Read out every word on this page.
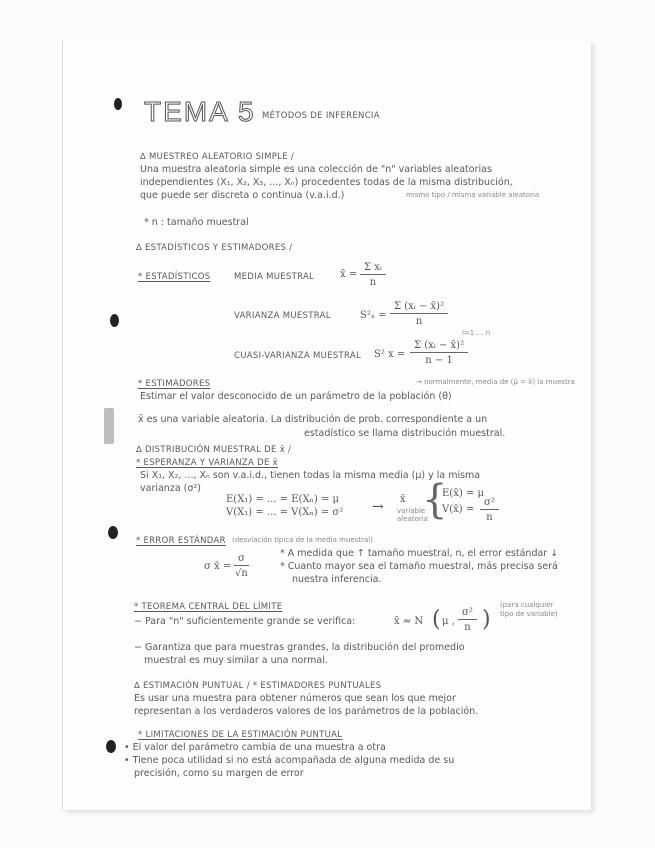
TEMA 5 MÉTODOS DE INFERENCIA
∆ MUESTREO ALEATORIO SIMPLE /
Una muestra aleatoria simple es una colección de "n" variables aleatorias
independientes (X₁, X₂, X₃, ..., Xₙ) procedentes todas de la misma distribución,
que puede ser discreta o continua (v.a.i.d.)	mismo tipo / misma variable aleatoria
* n : tamaño muestral
∆ ESTADÍSTICOS Y ESTIMADORES /
* ESTADÍSTICOS	MEDIA MUESTRAL	x̄ = $\frac{\text{Σ xᵢ}}{n}$
VARIANZA MUESTRAL	$S^2_x = \frac{\text{Σ (xᵢ − x̄)²}}{n}$
CUASI-VARIANZA MUESTRAL S² $x = \frac{\text{Σ (xᵢ − x̄)²}}{n - 1}$
i=1 … n
* ESTIMADORES
Estimar el valor desconocido de un parámetro de la población (θ)
→ normalmente, media de (μ̂ = x̄) la muestra
x̄ es una variable aleatoria. La distribución de prob. correspondiente a un
estadístico se llama distribución muestral.
∆ DISTRIBUCIÓN MUESTRAL DE x̄ /
* ESPERANZA Y VARIANZA DE x̄
Si X₁, X₂, ..., Xₙ son v.a.i.d., tienen todas la misma media (μ) y la misma
varianza (σ²)
E(X₁) = ... = E(Xₙ) = μ
V(X₁) = ... = V(Xₙ) = σ² → x̄
variable
aleatoria
{
E(x̄) = μ
V(x̄) = $\frac{\text{σ²}}{n}$
* ERROR ESTÁNDAR (desviación típica de la media muestral)
σ x̄ = $\frac{\sigma}{√n}$	* A medida que ↑ tamaño muestral, n, el error estándar ↓
* Cuanto mayor sea el tamaño muestral, más precisa será
nuestra inferencia.
* TEOREMA CENTRAL DEL LÍMITE
− Para "n" suficientemente grande se verifica:	x̄ ≈ N ( μ , $\frac{\text{σ²}}{n}$ )
(para cualquier
tipo de variable)
− Garantiza que para muestras grandes, la distribución del promedio
muestral es muy similar a una normal.
∆ ESTIMACIÓN PUNTUAL / * ESTIMADORES PUNTUALES
Es usar una muestra para obtener números que sean los que mejor
representan a los verdaderos valores de los parámetros de la población.
* LIMITACIONES DE LA ESTIMACIÓN PUNTUAL
• El valor del parámetro cambia de una muestra a otra
• Tiene poca utilidad si no está acompañada de alguna medida de su
precisión, como su margen de error
